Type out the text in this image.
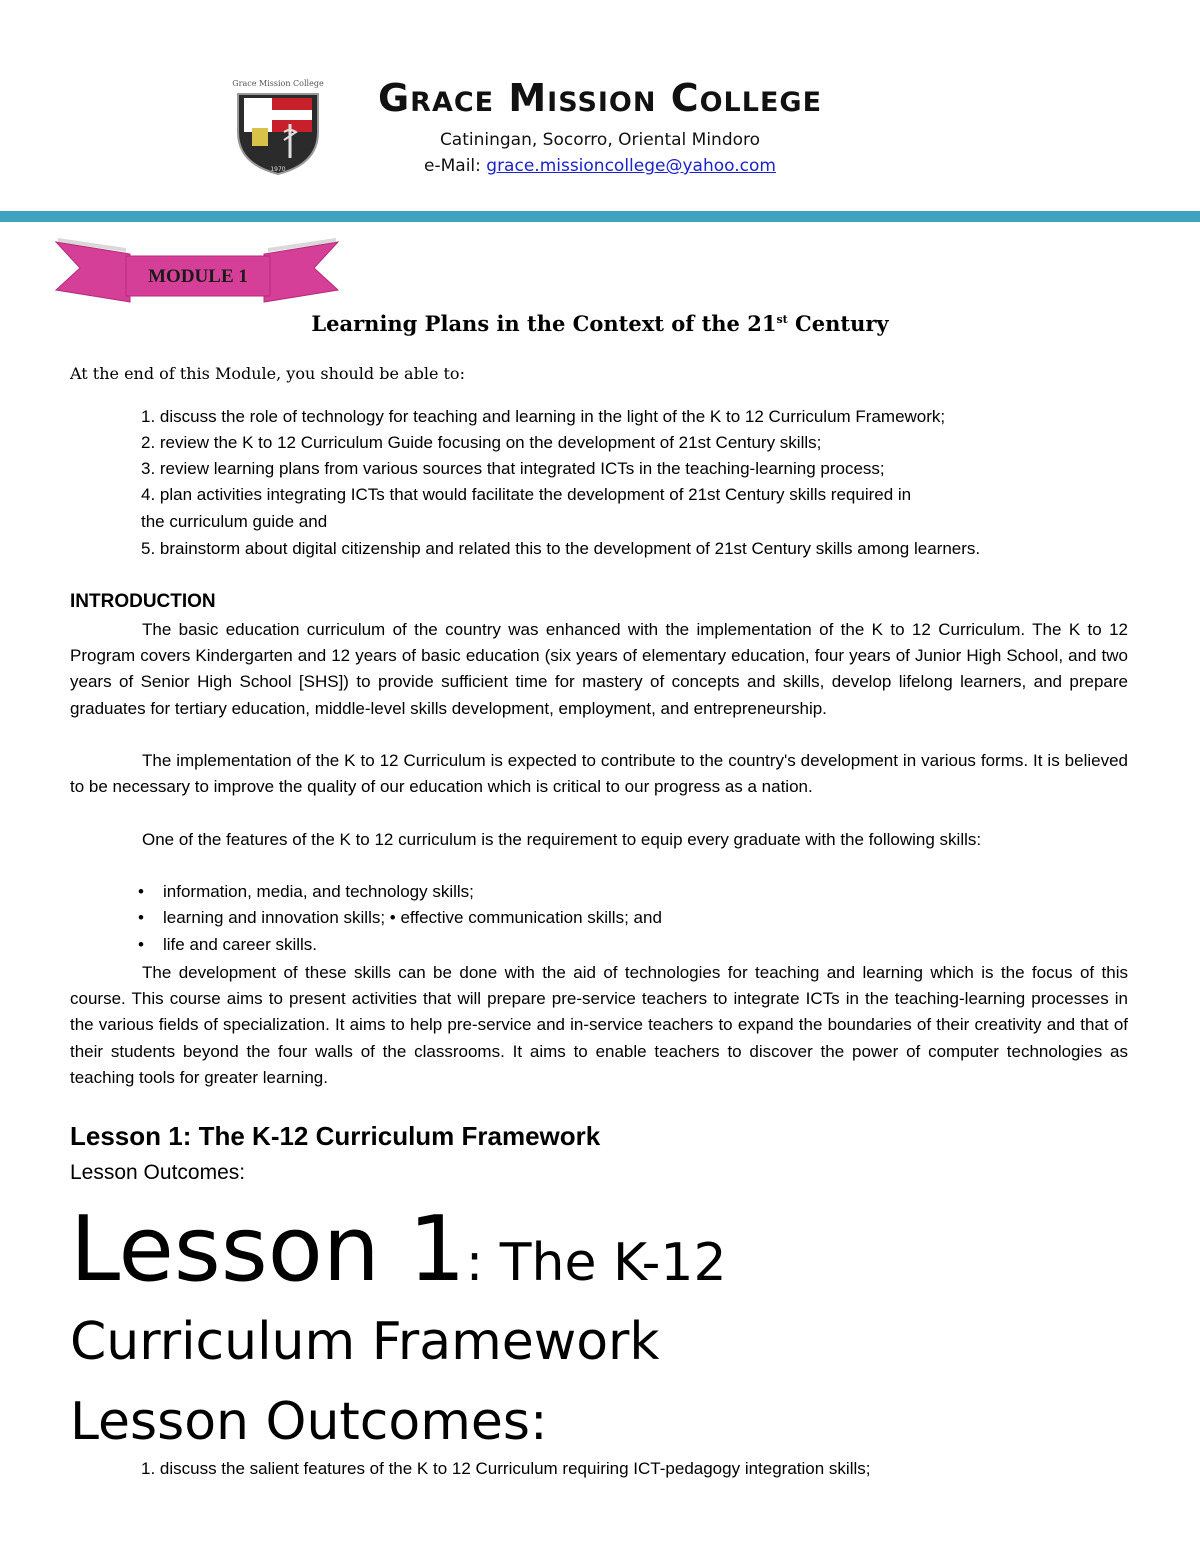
Grace Mission College
1970
Grace Mission College
Catiningan, Socorro, Oriental Mindoro
e-Mail: grace.missioncollege@yahoo.com
MODULE 1
Learning Plans in the Context of the 21st Century
At the end of this Module, you should be able to:
1. discuss the role of technology for teaching and learning in the light of the K to 12 Curriculum Framework;
2. review the K to 12 Curriculum Guide focusing on the development of 21st Century skills;
3. review learning plans from various sources that integrated ICTs in the teaching-learning process;
4. plan activities integrating ICTs that would facilitate the development of 21st Century skills required in
the curriculum guide and
5. brainstorm about digital citizenship and related this to the development of 21st Century skills among learners.
INTRODUCTION

The basic education curriculum of the country was enhanced with the implementation of the K to 12 Curriculum. The K to 12 Program covers Kindergarten and 12 years of basic education (six years of elementary education, four years of Junior High School, and two years of Senior High School [SHS]) to provide sufficient time for mastery of concepts and skills, develop lifelong learners, and prepare graduates for tertiary education, middle-level skills development, employment, and entrepreneurship.

The implementation of the K to 12 Curriculum is expected to contribute to the country's development in various forms. It is believed to be necessary to improve the quality of our education which is critical to our progress as a nation.

One of the features of the K to 12 curriculum is the requirement to equip every graduate with the following skills:

• information, media, and technology skills;
• learning and innovation skills; • effective communication skills; and
• life and career skills.

The development of these skills can be done with the aid of technologies for teaching and learning which is the focus of this course. This course aims to present activities that will prepare pre-service teachers to integrate ICTs in the teaching-learning processes in the various fields of specialization. It aims to help pre-service and in-service teachers to expand the boundaries of their creativity and that of their students beyond the four walls of the classrooms. It aims to enable teachers to discover the power of computer technologies as teaching tools for greater learning.

Lesson 1: The K-12 Curriculum Framework
Lesson Outcomes:
Lesson 1: The K-12
Curriculum Framework
Lesson Outcomes:
1. discuss the salient features of the K to 12 Curriculum requiring ICT-pedagogy integration skills;
